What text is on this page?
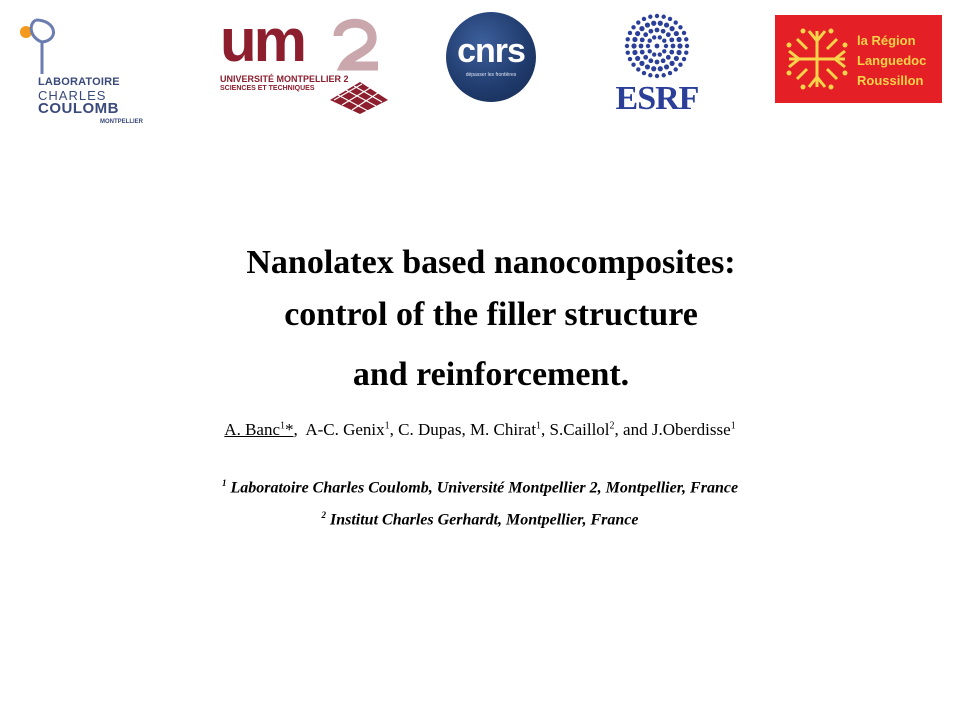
LABORATOIRE
CHARLES
COULOMB
MONTPELLIER
um
UNIVERSITÉ MONTPELLIER 2
SCIENCES ET TECHNIQUES
cnrs
dépasser les frontières
ESRF
la Région
Languedoc
Roussillon
Nanolatex based nanocomposites:
control of the filler structure
and reinforcement.
A. Banc$^1$*,  A-C. Genix$^1$, C. Dupas, M. Chirat$^1$, S.Caillol$^2$, and J.Oberdisse$^1$
$^1$ Laboratoire Charles Coulomb, Université Montpellier 2, Montpellier, France
$^2$ Institut Charles Gerhardt, Montpellier, France
